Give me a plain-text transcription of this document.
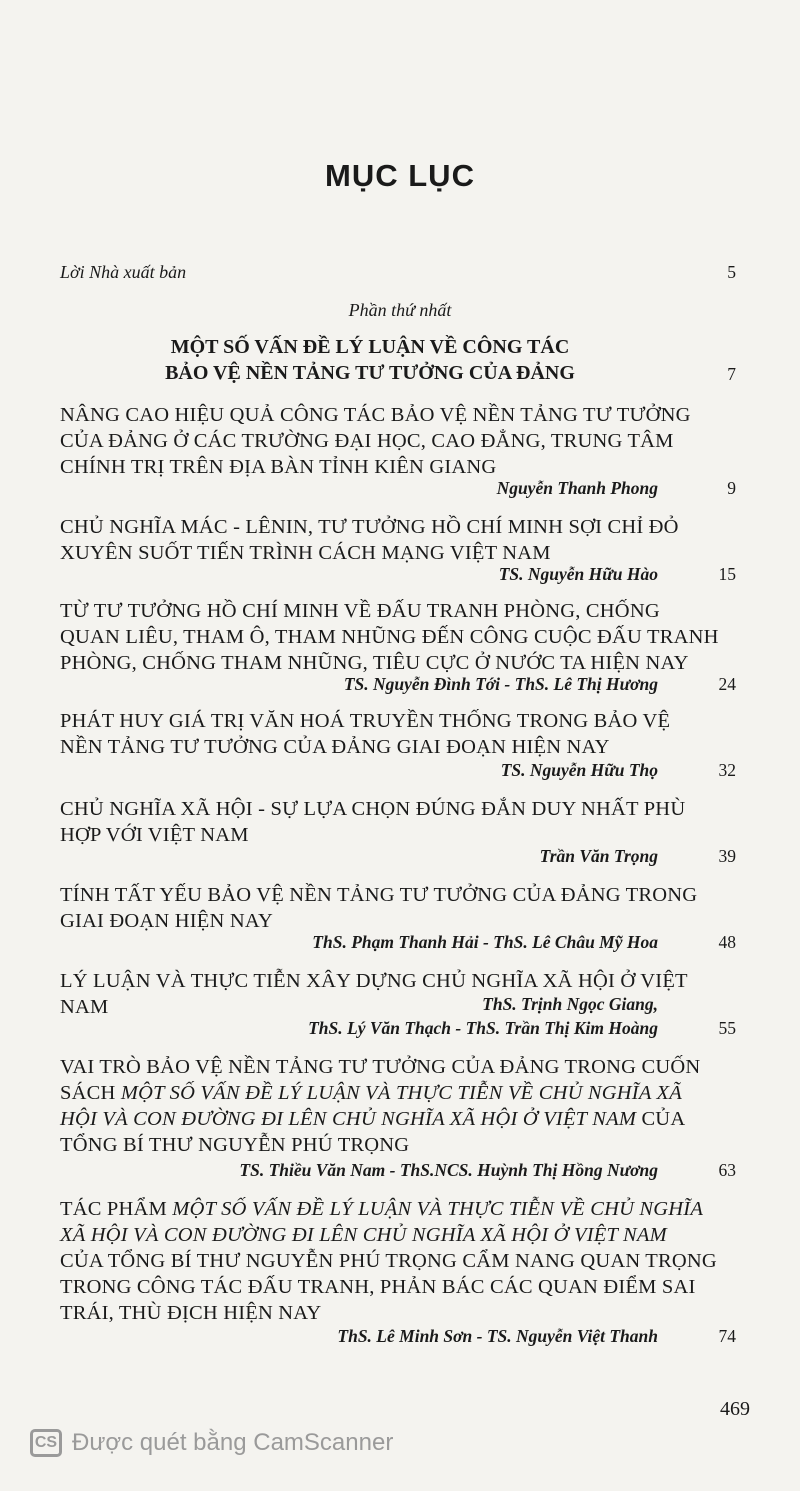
MỤC LỤC
Lời Nhà xuất bản	5
Phần thứ nhất
MỘT SỐ VẤN ĐỀ LÝ LUẬN VỀ CÔNG TÁC
BẢO VỆ NỀN TẢNG TƯ TƯỞNG CỦA ĐẢNG	7
NÂNG CAO HIỆU QUẢ CÔNG TÁC BẢO VỆ NỀN TẢNG TƯ TƯỞNG
CỦA ĐẢNG Ở CÁC TRƯỜNG ĐẠI HỌC, CAO ĐẲNG, TRUNG TÂM
CHÍNH TRỊ TRÊN ĐỊA BÀN TỈNH KIÊN GIANG
Nguyễn Thanh Phong	9
CHỦ NGHĨA MÁC - LÊNIN, TƯ TƯỞNG HỒ CHÍ MINH SỢI CHỈ ĐỎ
XUYÊN SUỐT TIẾN TRÌNH CÁCH MẠNG VIỆT NAM
TS. Nguyễn Hữu Hào	15
TỪ TƯ TƯỞNG HỒ CHÍ MINH VỀ ĐẤU TRANH PHÒNG, CHỐNG
QUAN LIÊU, THAM Ô, THAM NHŨNG ĐẾN CÔNG CUỘC ĐẤU TRANH
PHÒNG, CHỐNG THAM NHŨNG, TIÊU CỰC Ở NƯỚC TA HIỆN NAY
TS. Nguyễn Đình Tới - ThS. Lê Thị Hương	24
PHÁT HUY GIÁ TRỊ VĂN HOÁ TRUYỀN THỐNG TRONG BẢO VỆ
NỀN TẢNG TƯ TƯỞNG CỦA ĐẢNG GIAI ĐOẠN HIỆN NAY
TS. Nguyễn Hữu Thọ	32
CHỦ NGHĨA XÃ HỘI - SỰ LỰA CHỌN ĐÚNG ĐẮN DUY NHẤT PHÙ
HỢP VỚI VIỆT NAM
Trần Văn Trọng	39
TÍNH TẤT YẾU BẢO VỆ NỀN TẢNG TƯ TƯỞNG CỦA ĐẢNG TRONG
GIAI ĐOẠN HIỆN NAY
ThS. Phạm Thanh Hải - ThS. Lê Châu Mỹ Hoa	48
LÝ LUẬN VÀ THỰC TIỄN XÂY DỰNG CHỦ NGHĨA XÃ HỘI Ở VIỆT NAM	ThS. Trịnh Ngọc Giang,
ThS. Lý Văn Thạch - ThS. Trần Thị Kim Hoàng	55
VAI TRÒ BẢO VỆ NỀN TẢNG TƯ TƯỞNG CỦA ĐẢNG TRONG CUỐN
SÁCH MỘT SỐ VẤN ĐỀ LÝ LUẬN VÀ THỰC TIỄN VỀ CHỦ NGHĨA XÃ
HỘI VÀ CON ĐƯỜNG ĐI LÊN CHỦ NGHĨA XÃ HỘI Ở VIỆT NAM CỦA
TỔNG BÍ THƯ NGUYỄN PHÚ TRỌNG
TS. Thiều Văn Nam - ThS.NCS. Huỳnh Thị Hồng Nương	63
TÁC PHẨM MỘT SỐ VẤN ĐỀ LÝ LUẬN VÀ THỰC TIỄN VỀ CHỦ NGHĨA
XÃ HỘI VÀ CON ĐƯỜNG ĐI LÊN CHỦ NGHĨA XÃ HỘI Ở VIỆT NAM
CỦA TỔNG BÍ THƯ NGUYỄN PHÚ TRỌNG CẨM NANG QUAN TRỌNG
TRONG CÔNG TÁC ĐẤU TRANH, PHẢN BÁC CÁC QUAN ĐIỂM SAI
TRÁI, THÙ ĐỊCH HIỆN NAY
ThS. Lê Minh Sơn - TS. Nguyễn Việt Thanh	74
469
CS Được quét bằng CamScanner
